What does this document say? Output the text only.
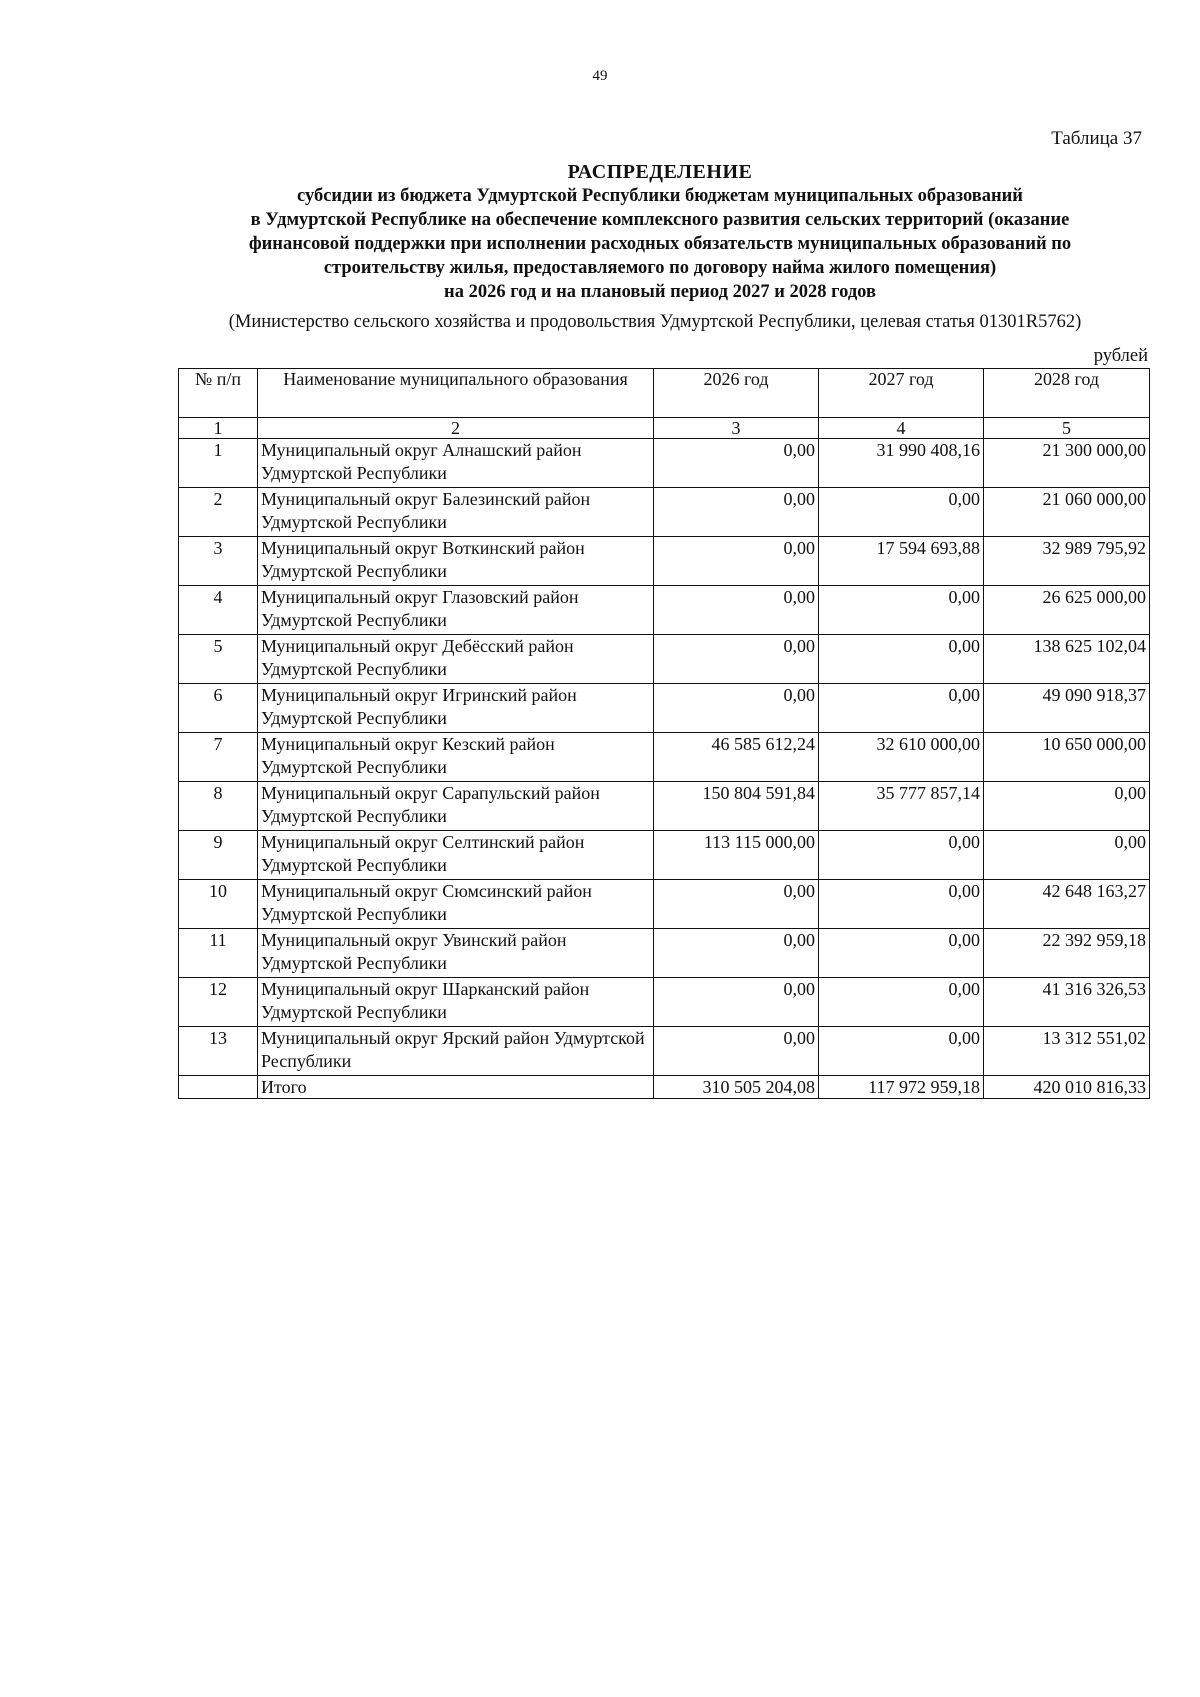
49
Таблица 37
РАСПРЕДЕЛЕНИЕ
субсидии из бюджета Удмуртской Республики бюджетам муниципальных образований
в Удмуртской Республике на обеспечение комплексного развития сельских территорий (оказание
финансовой поддержки при исполнении расходных обязательств муниципальных образований по
строительству жилья, предоставляемого по договору найма жилого помещения)
на 2026 год и на плановый период 2027 и 2028 годов
(Министерство сельского хозяйства и продовольствия Удмуртской Республики, целевая статья 01301R5762)
рублей
№ п/п	Наименование муниципального образования	2026 год	2027 год	2028 год
1	2	3	4	5
1	Муниципальный округ Алнашский район Удмуртской Республики	0,00	31 990 408,16	21 300 000,00
2	Муниципальный округ Балезинский район Удмуртской Республики	0,00	0,00	21 060 000,00
3	Муниципальный округ Воткинский район Удмуртской Республики	0,00	17 594 693,88	32 989 795,92
4	Муниципальный округ Глазовский район Удмуртской Республики	0,00	0,00	26 625 000,00
5	Муниципальный округ Дебёсский район Удмуртской Республики	0,00	0,00	138 625 102,04
6	Муниципальный округ Игринский район Удмуртской Республики	0,00	0,00	49 090 918,37
7	Муниципальный округ Кезский район Удмуртской Республики	46 585 612,24	32 610 000,00	10 650 000,00
8	Муниципальный округ Сарапульский район Удмуртской Республики	150 804 591,84	35 777 857,14	0,00
9	Муниципальный округ Селтинский район Удмуртской Республики	113 115 000,00	0,00	0,00
10	Муниципальный округ Сюмсинский район Удмуртской Республики	0,00	0,00	42 648 163,27
11	Муниципальный округ Увинский район Удмуртской Республики	0,00	0,00	22 392 959,18
12	Муниципальный округ Шарканский район Удмуртской Республики	0,00	0,00	41 316 326,53
13	Муниципальный округ Ярский район Удмуртской Республики	0,00	0,00	13 312 551,02
	Итого	310 505 204,08	117 972 959,18	420 010 816,33
